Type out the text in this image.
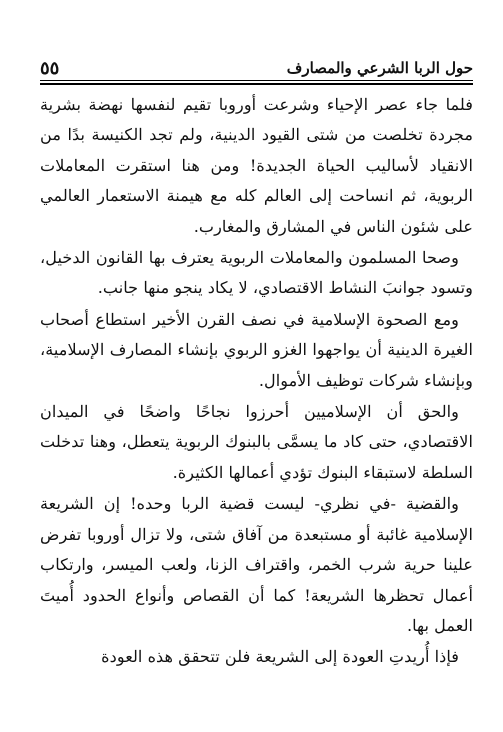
٥٥	حول الربا الشرعي والمصارف

فلما جاء عصر الإحياء وشرعت أوروبا تقيم لنفسها نهضة بشرية مجردة تخلصت من شتى القيود الدينية، ولم تجد الكنيسة بدًا من الانقياد لأساليب الحياة الجديدة! ومن هنا استقرت المعاملات الربوية، ثم انساحت إلى العالم كله مع هيمنة الاستعمار العالمي على شئون الناس في المشارق والمغارب.

وصحا المسلمون والمعاملات الربوية يعترف بها القانون الدخيل، وتسود جوانبَ النشاط الاقتصادي، لا يكاد ينجو منها جانب.

ومع الصحوة الإسلامية في نصف القرن الأخير استطاع أصحاب الغيرة الدينية أن يواجهوا الغزو الربوي بإنشاء المصارف الإسلامية، وبإنشاء شركات توظيف الأموال.

والحق أن الإسلاميين أحرزوا نجاحًا واضحًا في الميدان الاقتصادي، حتى كاد ما يسمَّى بالبنوك الربوية يتعطل، وهنا تدخلت السلطة لاستبقاء البنوك تؤدي أعمالها الكثيرة.

والقضية -في نظري- ليست قضية الربا وحده! إن الشريعة الإسلامية غائبة أو مستبعدة من آفاق شتى، ولا تزال أوروبا تفرض علينا حرية شرب الخمر، واقتراف الزنا، ولعب الميسر، وارتكاب أعمال تحظرها الشريعة! كما أن القصاص وأنواع الحدود أُميتَ العمل بها.

فإذا أُريدتِ العودة إلى الشريعة فلن تتحقق هذه العودة
